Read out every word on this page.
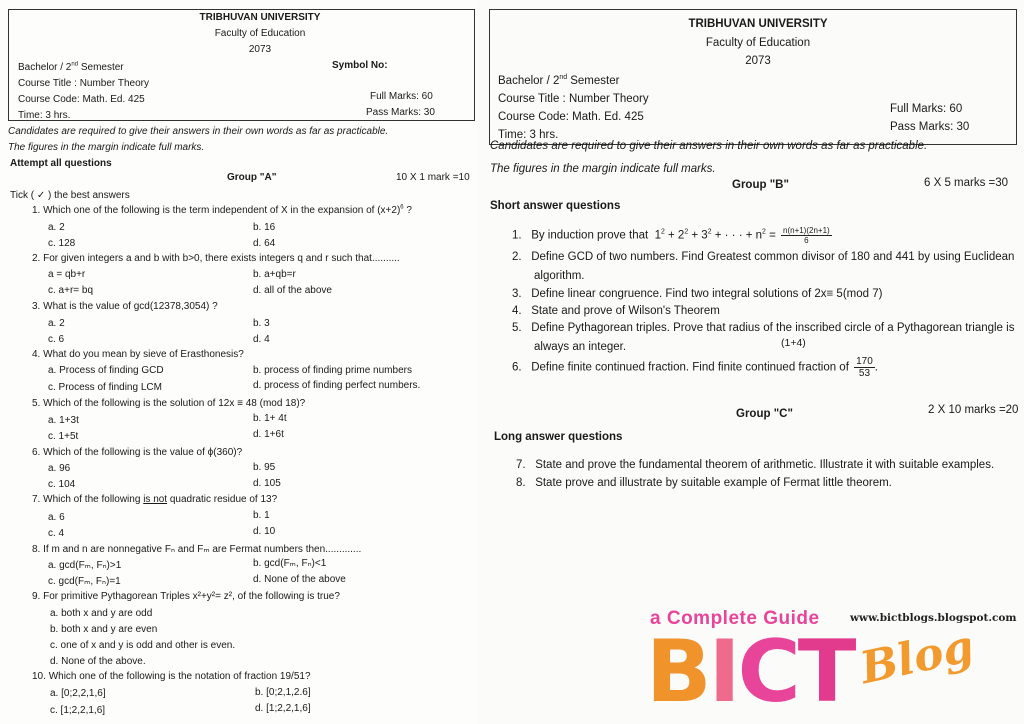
TRIBHUVAN UNIVERSITY
Faculty of Education
2073
Bachelor / 2nd Semester	Symbol No:
Course Title : Number Theory
Full Marks: 60
Course Code: Math. Ed. 425
Pass Marks: 30
Time: 3 hrs.
Candidates are required to give their answers in their own words as far as practicable.
The figures in the margin indicate full marks.
Attempt all questions
Group "A"	10 X 1 mark =10
Tick ( ✓ ) the best answers
1. Which one of the following is the term independent of X in the expansion of $(x+2)^6$ ?
a. 2	b. 16
c. 128	d. 64
2. For given integers a and b with b>0, there exists integers q and r such that..........
a = qb+r	b. a+qb=r
c. a+r= bq	d. all of the above
3. What is the value of gcd(12378,3054) ?
a. 2	b. 3
c. 6	d. 4
4. What do you mean by sieve of Erasthonesis?
a. Process of finding GCD	b. process of finding prime numbers
c. Process of finding LCM	d. process of finding perfect numbers.
5. Which of the following is the solution of 12x ≡ 48 (mod 18)?
a. 1+3t	b. 1+ 4t
c. 1+5t	d. 1+6t
6. Which of the following is the value of ϕ(360)?
a. 96	b. 95
c. 104	d. 105
7. Which of the following is not quadratic residue of 13?
a. 6	b. 1
c. 4	d. 10
8. If m and n are nonnegative Fₙ and Fₘ are Fermat numbers then.............
a. gcd(Fₘ, Fₙ)>1	b. gcd(Fₘ, Fₙ)<1
c. gcd(Fₘ, Fₙ)=1	d. None of the above
9. For primitive Pythagorean Triples x²+y²= z², of the following is true?
a. both x and y are odd
b. both x and y are even
c. one of x and y is odd and other is even.
d. None of the above.
10. Which one of the following is the notation of fraction 19/51?
a. [0;2,2,1,6]	b. [0;2,1,2.6]
c. [1;2,2,1,6]	d. [1;2,2,1,6]
TRIBHUVAN UNIVERSITY
Faculty of Education
2073
Bachelor / 2nd Semester
Course Title : Number Theory
Full Marks: 60
Course Code: Math. Ed. 425
Pass Marks: 30
Time: 3 hrs.
Candidates are required to give their answers in their own words as far as practicable.
The figures in the margin indicate full marks.
Group "B"	6 X 5 marks =30
Short answer questions
1.   By induction prove that  $1^2 + 2^2 + 3^2$ + · · · + $n^2 = \frac{n(n+1)(2n+1)}{6}$
2.   Define GCD of two numbers. Find Greatest common divisor of 180 and 441 by using Euclidean
algorithm.
3.   Define linear congruence. Find two integral solutions of 2x≡ 5(mod 7)
4.   State and prove of Wilson's Theorem
5.   Define Pythagorean triples. Prove that radius of the inscribed circle of a Pythagorean triangle is
always an integer.	(1+4)
6.   Define finite continued fraction. Find finite continued fraction of $\frac{170}{53}$ .
Group "C"	2 X 10 marks =20
Long answer questions
7.   State and prove the fundamental theorem of arithmetic. Illustrate it with suitable examples.
8.   State prove and illustrate by suitable example of Fermat little theorem.
a Complete Guide	www.bictblogs.blogspot.com
BICT Blog
